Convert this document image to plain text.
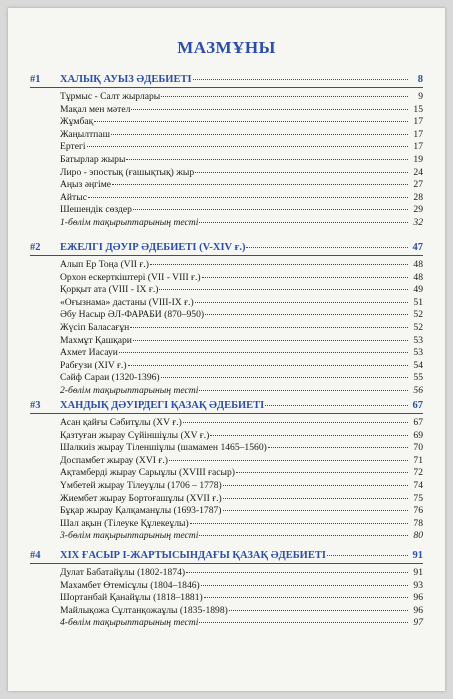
МАЗМҰНЫ
#1	ХАЛЫҚ АУЫЗ ӘДЕБИЕТІ	8
Тұрмыс - Салт жырлары	9
Мақал мен мәтел	15
Жұмбақ	17
Жаңылтпаш	17
Ертегі	17
Батырлар жыры	19
Лиро - эпостық (ғашықтық) жыр	24
Аңыз әңгіме	27
Айтыс	28
Шешендік сөздер	29
1-бөлім тақырыптарының тесті	32
#2	ЕЖЕЛГІ ДӘУІР ӘДЕБИЕТІ (V-XIV ғ.)	47
Алып Ер Тоңа (VII ғ.)	48
Орхон ескерткіштері (VII - VIII ғ.)	48
Қорқыт ата (VIII - IX ғ.)	49
«Оғызнама» дастаны (VIII-IX ғ.)	51
Әбу Насыр ӘЛ-ФАРАБИ (870–950)	52
Жүсіп Баласағұн	52
Махмұт Қашқари	53
Ахмет Иасауи	53
Рабғузи (XIV ғ.)	54
Сәйф Сараи (1320-1396)	55
2-бөлім тақырыптарының тесті	56
#3	ХАНДЫҚ ДӘУІРДЕГІ ҚАЗАҚ ӘДЕБИЕТІ	67
Асан қайғы Сәбитұлы (XV ғ.)	67
Қазтуған жырау Сүйіншіұлы (XV ғ.)	69
Шалкиіз жырау Тіленшіұлы (шамамен 1465–1560)	70
Доспамбет жырау (XVI ғ.)	71
Ақтамберді жырау Сарыұлы (XVIII ғасыр)	72
Үмбетей жырау Тілеуұлы (1706 – 1778)	74
Жиембет жырау Бортоғашұлы (XVII ғ.)	75
Бұқар жырау Қалқаманұлы (1693-1787)	76
Шал ақын (Тілеуке Құлекеұлы)	78
3-бөлім тақырыптарының тесті	80
#4	XIX ҒАСЫР І-ЖАРТЫСЫНДАҒЫ ҚАЗАҚ ӘДЕБИЕТІ	91
Дулат Бабатайұлы (1802-1874)	91
Махамбет Өтемісұлы (1804–1846)	93
Шортанбай Қанайұлы (1818–1881)	96
Майлықожа Сұлтанқожаұлы (1835-1898)	96
4-бөлім тақырыптарының тесті	97
